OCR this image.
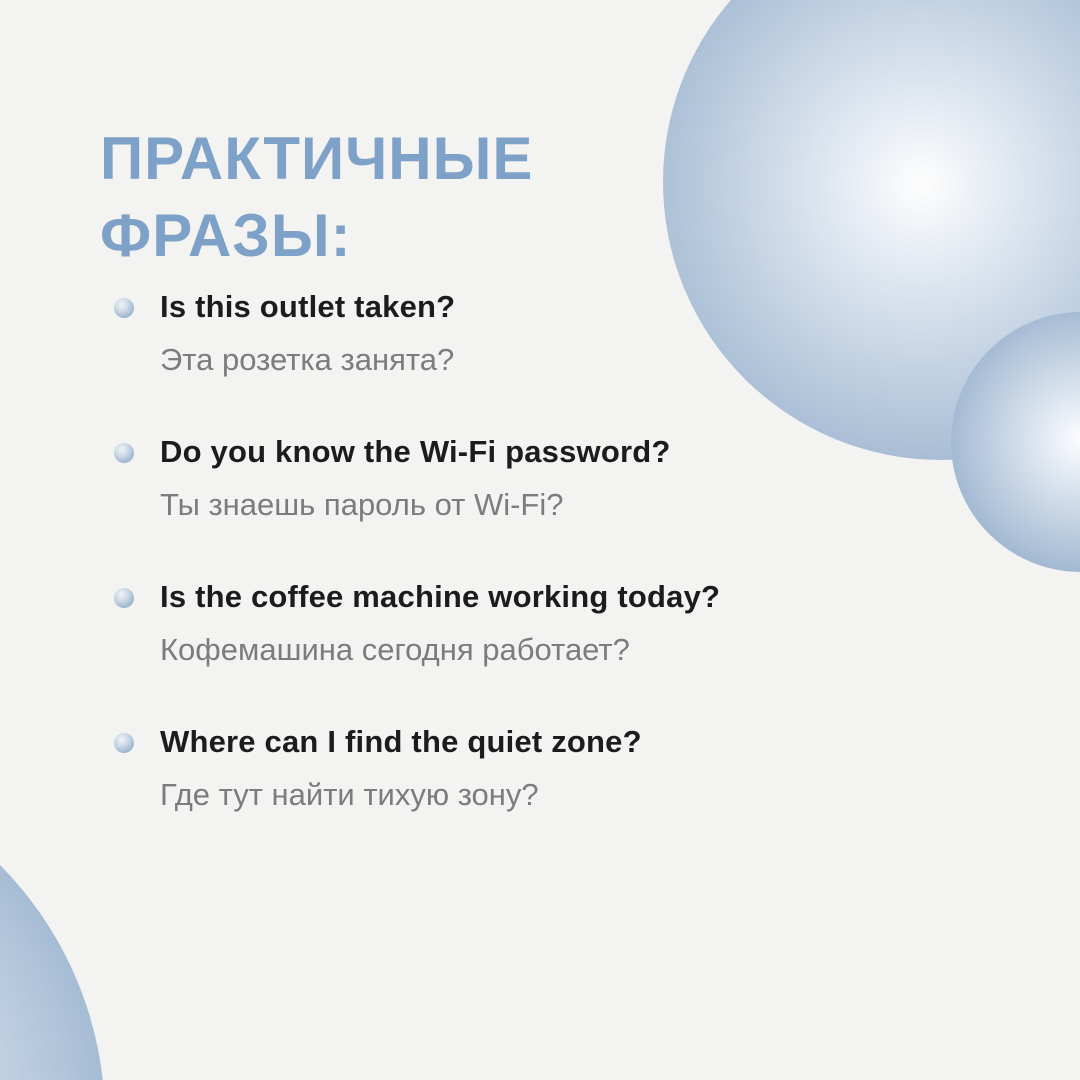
ПРАКТИЧНЫЕ ФРАЗЫ:
Is this outlet taken?
Эта розетка занята?
Do you know the Wi-Fi password?
Ты знаешь пароль от Wi-Fi?
Is the coffee machine working today?
Кофемашина сегодня работает?
Where can I find the quiet zone?
Где тут найти тихую зону?
